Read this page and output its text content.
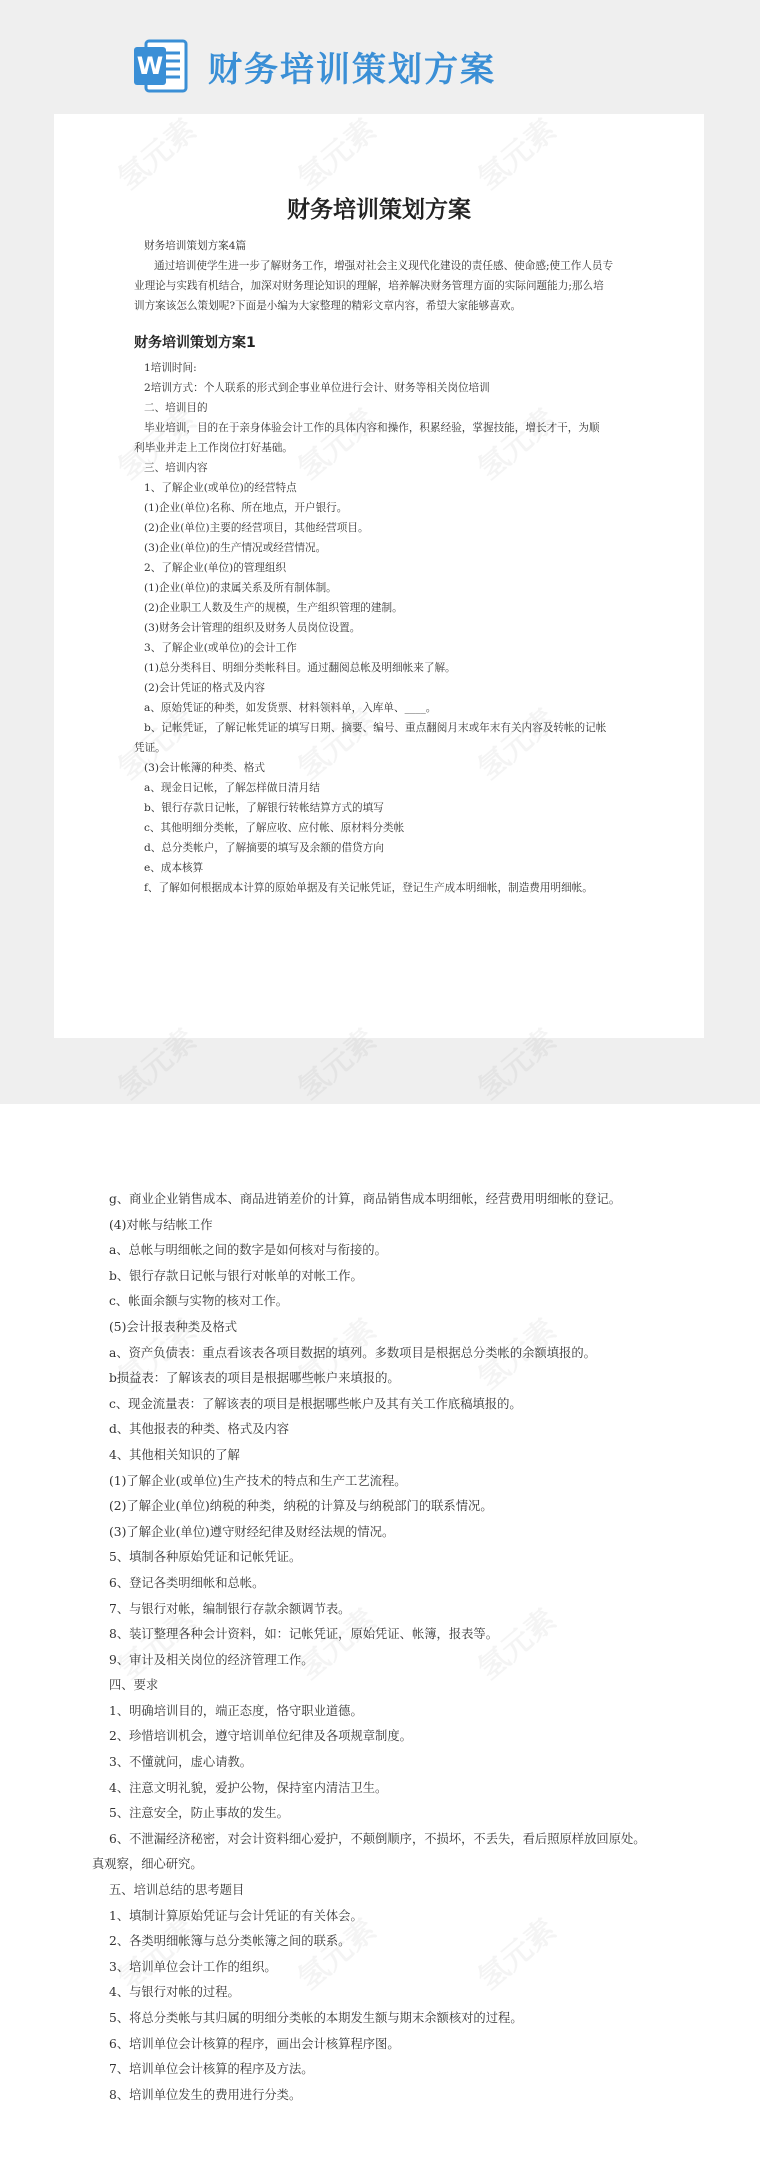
W 财务培训策划方案
财务培训策划方案
财务培训策划方案4篇
通过培训使学生进一步了解财务工作，增强对社会主义现代化建设的责任感、使命感;使工作人员专
业理论与实践有机结合，加深对财务理论知识的理解，培养解决财务管理方面的实际问题能力;那么培
训方案该怎么策划呢?下面是小编为大家整理的精彩文章内容，希望大家能够喜欢。
财务培训策划方案1
1培训时间:
2培训方式：个人联系的形式到企事业单位进行会计、财务等相关岗位培训
二、培训目的
毕业培训，目的在于亲身体验会计工作的具体内容和操作，积累经验，掌握技能，增长才干，为顺
利毕业并走上工作岗位打好基础。
三、培训内容
1、了解企业(或单位)的经营特点
(1)企业(单位)名称、所在地点，开户银行。
(2)企业(单位)主要的经营项目，其他经营项目。
(3)企业(单位)的生产情况或经营情况。
2、了解企业(单位)的管理组织
(1)企业(单位)的隶属关系及所有制体制。
(2)企业职工人数及生产的规模，生产组织管理的建制。
(3)财务会计管理的组织及财务人员岗位设置。
3、了解企业(或单位)的会计工作
(1)总分类科目、明细分类帐科目。通过翻阅总帐及明细帐来了解。
(2)会计凭证的格式及内容
a、原始凭证的种类，如发货票、材料领料单，入库单、____。
b、记帐凭证，了解记帐凭证的填写日期、摘要、编号、重点翻阅月末或年末有关内容及转帐的记帐
凭证。
(3)会计帐簿的种类、格式
a、现金日记帐，了解怎样做日清月结
b、银行存款日记帐，了解银行转帐结算方式的填写
c、其他明细分类帐，了解应收、应付帐、原材料分类帐
d、总分类帐户，了解摘要的填写及余额的借贷方向
e、成本核算
f、了解如何根据成本计算的原始单据及有关记帐凭证，登记生产成本明细帐，制造费用明细帐。
g、商业企业销售成本、商品进销差价的计算，商品销售成本明细帐，经营费用明细帐的登记。
(4)对帐与结帐工作
a、总帐与明细帐之间的数字是如何核对与衔接的。
b、银行存款日记帐与银行对帐单的对帐工作。
c、帐面余额与实物的核对工作。
(5)会计报表种类及格式
a、资产负债表：重点看该表各项目数据的填列。多数项目是根据总分类帐的余额填报的。
b损益表：了解该表的项目是根据哪些帐户来填报的。
c、现金流量表：了解该表的项目是根据哪些帐户及其有关工作底稿填报的。
d、其他报表的种类、格式及内容
4、其他相关知识的了解
(1)了解企业(或单位)生产技术的特点和生产工艺流程。
(2)了解企业(单位)纳税的种类，纳税的计算及与纳税部门的联系情况。
(3)了解企业(单位)遵守财经纪律及财经法规的情况。
5、填制各种原始凭证和记帐凭证。
6、登记各类明细帐和总帐。
7、与银行对帐，编制银行存款余额调节表。
8、装订整理各种会计资料，如：记帐凭证，原始凭证、帐簿，报表等。
9、审计及相关岗位的经济管理工作。
四、要求
1、明确培训目的，端正态度，恪守职业道德。
2、珍惜培训机会，遵守培训单位纪律及各项规章制度。
3、不懂就问，虚心请教。
4、注意文明礼貌，爱护公物，保持室内清洁卫生。
5、注意安全，防止事故的发生。
6、不泄漏经济秘密，对会计资料细心爱护，不颠倒顺序，不损坏，不丢失，看后照原样放回原处。
真观察，细心研究。
五、培训总结的思考题目
1、填制计算原始凭证与会计凭证的有关体会。
2、各类明细帐簿与总分类帐簿之间的联系。
3、培训单位会计工作的组织。
4、与银行对帐的过程。
5、将总分类帐与其归属的明细分类帐的本期发生额与期末余额核对的过程。
6、培训单位会计核算的程序，画出会计核算程序图。
7、培训单位会计核算的程序及方法。
8、培训单位发生的费用进行分类。
